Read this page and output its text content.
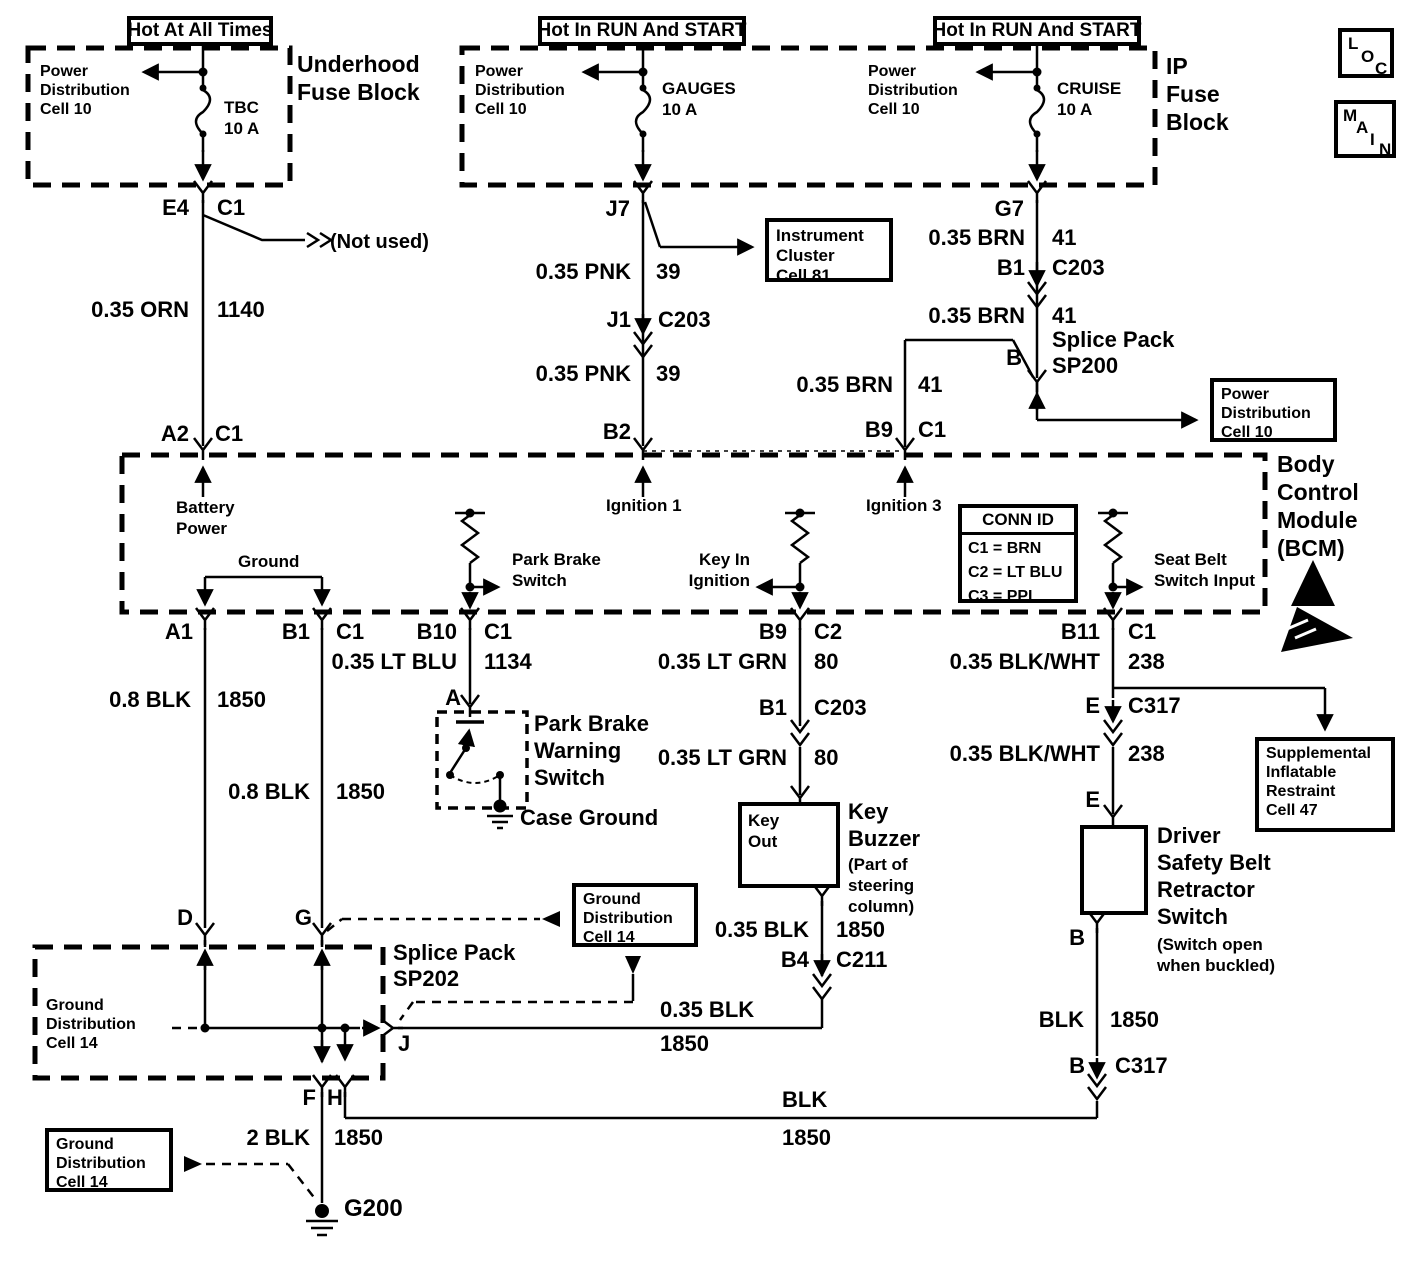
Hot At All Times	Hot In RUN And START	Hot In RUN And START
L
O
C
M
A
I
N
Underhood
Fuse Block
IP
Fuse
Block
Power
Distribution
Cell 10
Power
Distribution
Cell 10
Power
Distribution
Cell 10
TBC
10 A
GAUGES
10 A
CRUISE
10 A
E4 C1
(Not used)
0.35 ORN 1140
A2 C1
J7
0.35 PNK 39
J1 C203
0.35 PNK 39
B2
Instrument
Cluster
Cell 81
G7
0.35 BRN 41
B1 C203
0.35 BRN 41
Splice Pack
SP200
B
0.35 BRN 41
B9 C1
Power
Distribution
Cell 10
Battery
Power
Ground
Ignition 1	Ignition 3
Park Brake
Switch
Key In
Ignition
Seat Belt
Switch Input
CONN ID
C1 = BRN
C2 = LT BLU
C3 = PPL
Body
Control
Module
(BCM)
A1	B1 C1	B10 C1	B9 C2	B11 C1
0.8 BLK 1850
0.35 LT BLU 1134	0.35 LT GRN 80	0.35 BLK/WHT 238
A
Park Brake
Warning
Switch
Case Ground
B1 C203
0.35 LT GRN 80
Key
Out
Key
Buzzer
(Part of
steering
column)
0.35 BLK 1850
B4 C211
E C317
0.35 BLK/WHT 238
E
Driver
Safety Belt
Retractor
Switch
(Switch open
when buckled)
B
BLK 1850
B C317
Supplemental
Inflatable
Restraint
Cell 47
0.8 BLK 1850
D	G
Splice Pack
SP202
Ground
Distribution
Cell 14	J
0.35 BLK
1850
Ground
Distribution
Cell 14
F H
2 BLK 1850
BLK
1850
Ground
Distribution
Cell 14
G200
